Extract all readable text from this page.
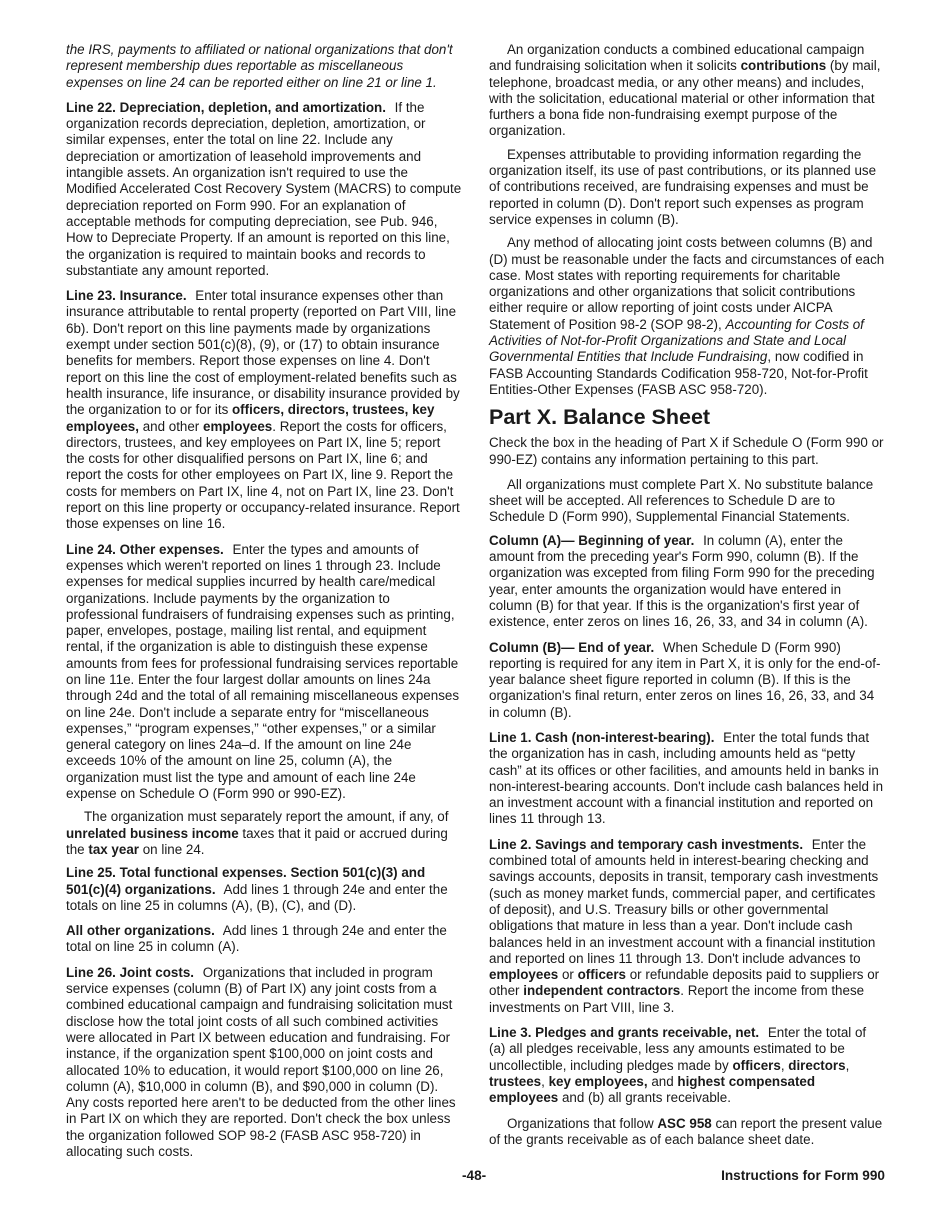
the IRS, payments to affiliated or national organizations that don't represent membership dues reportable as miscellaneous expenses on line 24 can be reported either on line 21 or line 1.

Line 22. Depreciation, depletion, and amortization. If the organization records depreciation, depletion, amortization, or similar expenses, enter the total on line 22. Include any depreciation or amortization of leasehold improvements and intangible assets. An organization isn't required to use the Modified Accelerated Cost Recovery System (MACRS) to compute depreciation reported on Form 990. For an explanation of acceptable methods for computing depreciation, see Pub. 946, How to Depreciate Property. If an amount is reported on this line, the organization is required to maintain books and records to substantiate any amount reported.

Line 23. Insurance. Enter total insurance expenses other than insurance attributable to rental property (reported on Part VIII, line 6b). Don't report on this line payments made by organizations exempt under section 501(c)(8), (9), or (17) to obtain insurance benefits for members. Report those expenses on line 4. Don't report on this line the cost of employment-related benefits such as health insurance, life insurance, or disability insurance provided by the organization to or for its officers, directors, trustees, key employees, and other employees. Report the costs for officers, directors, trustees, and key employees on Part IX, line 5; report the costs for other disqualified persons on Part IX, line 6; and report the costs for other employees on Part IX, line 9. Report the costs for members on Part IX, line 4, not on Part IX, line 23. Don't report on this line property or occupancy-related insurance. Report those expenses on line 16.

Line 24. Other expenses. Enter the types and amounts of expenses which weren't reported on lines 1 through 23. Include expenses for medical supplies incurred by health care/medical organizations. Include payments by the organization to professional fundraisers of fundraising expenses such as printing, paper, envelopes, postage, mailing list rental, and equipment rental, if the organization is able to distinguish these expense amounts from fees for professional fundraising services reportable on line 11e. Enter the four largest dollar amounts on lines 24a through 24d and the total of all remaining miscellaneous expenses on line 24e. Don't include a separate entry for “miscellaneous expenses,” “program expenses,” “other expenses,” or a similar general category on lines 24a–d. If the amount on line 24e exceeds 10% of the amount on line 25, column (A), the organization must list the type and amount of each line 24e expense on Schedule O (Form 990 or 990-EZ).

The organization must separately report the amount, if any, of unrelated business income taxes that it paid or accrued during the tax year on line 24.

Line 25. Total functional expenses. Section 501(c)(3) and 501(c)(4) organizations. Add lines 1 through 24e and enter the totals on line 25 in columns (A), (B), (C), and (D).

All other organizations. Add lines 1 through 24e and enter the total on line 25 in column (A).

Line 26. Joint costs. Organizations that included in program service expenses (column (B) of Part IX) any joint costs from a combined educational campaign and fundraising solicitation must disclose how the total joint costs of all such combined activities were allocated in Part IX between education and fundraising. For instance, if the organization spent $100,000 on joint costs and allocated 10% to education, it would report $100,000 on line 26, column (A), $10,000 in column (B), and $90,000 in column (D). Any costs reported here aren't to be deducted from the other lines in Part IX on which they are reported. Don't check the box unless the organization followed SOP 98-2 (FASB ASC 958-720) in allocating such costs.

An organization conducts a combined educational campaign and fundraising solicitation when it solicits contributions (by mail, telephone, broadcast media, or any other means) and includes, with the solicitation, educational material or other information that furthers a bona fide non-fundraising exempt purpose of the organization.

Expenses attributable to providing information regarding the organization itself, its use of past contributions, or its planned use of contributions received, are fundraising expenses and must be reported in column (D). Don't report such expenses as program service expenses in column (B).

Any method of allocating joint costs between columns (B) and (D) must be reasonable under the facts and circumstances of each case. Most states with reporting requirements for charitable organizations and other organizations that solicit contributions either require or allow reporting of joint costs under AICPA Statement of Position 98-2 (SOP 98-2), Accounting for Costs of Activities of Not-for-Profit Organizations and State and Local Governmental Entities that Include Fundraising, now codified in FASB Accounting Standards Codification 958-720, Not-for-Profit Entities-Other Expenses (FASB ASC 958-720).

Part X. Balance Sheet

Check the box in the heading of Part X if Schedule O (Form 990 or 990-EZ) contains any information pertaining to this part.

All organizations must complete Part X. No substitute balance sheet will be accepted. All references to Schedule D are to Schedule D (Form 990), Supplemental Financial Statements.

Column (A)— Beginning of year. In column (A), enter the amount from the preceding year's Form 990, column (B). If the organization was excepted from filing Form 990 for the preceding year, enter amounts the organization would have entered in column (B) for that year. If this is the organization's first year of existence, enter zeros on lines 16, 26, 33, and 34 in column (A).

Column (B)— End of year. When Schedule D (Form 990) reporting is required for any item in Part X, it is only for the end-of-year balance sheet figure reported in column (B). If this is the organization's final return, enter zeros on lines 16, 26, 33, and 34 in column (B).

Line 1. Cash (non-interest-bearing). Enter the total funds that the organization has in cash, including amounts held as “petty cash” at its offices or other facilities, and amounts held in banks in non-interest-bearing accounts. Don't include cash balances held in an investment account with a financial institution and reported on lines 11 through 13.

Line 2. Savings and temporary cash investments. Enter the combined total of amounts held in interest-bearing checking and savings accounts, deposits in transit, temporary cash investments (such as money market funds, commercial paper, and certificates of deposit), and U.S. Treasury bills or other governmental obligations that mature in less than a year. Don't include cash balances held in an investment account with a financial institution and reported on lines 11 through 13. Don't include advances to employees or officers or refundable deposits paid to suppliers or other independent contractors. Report the income from these investments on Part VIII, line 3.

Line 3. Pledges and grants receivable, net. Enter the total of (a) all pledges receivable, less any amounts estimated to be uncollectible, including pledges made by officers, directors, trustees, key employees, and highest compensated employees and (b) all grants receivable.

Organizations that follow ASC 958 can report the present value of the grants receivable as of each balance sheet date.

-48-	Instructions for Form 990
